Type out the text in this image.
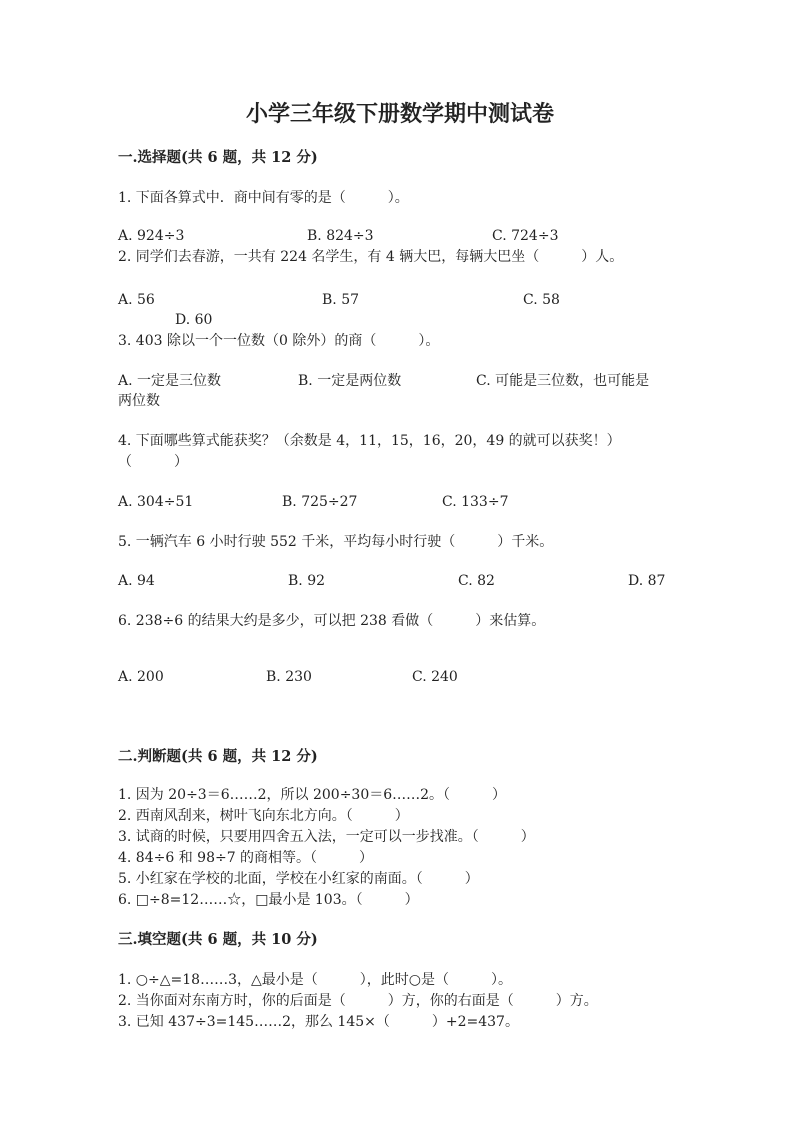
小学三年级下册数学期中测试卷
一.选择题(共 6 题，共 12 分)
1. 下面各算式中．商中间有零的是（　　　）。
A. 924÷3	B. 824÷3	C. 724÷3
2. 同学们去春游，一共有 224 名学生，有 4 辆大巴，每辆大巴坐（　　　）人。
A. 56	B. 57	C. 58
D. 60
3. 403 除以一个一位数（0 除外）的商（　　　）。
A. 一定是三位数	B. 一定是两位数	C. 可能是三位数，也可能是
两位数
4. 下面哪些算式能获奖？（余数是 4，11，15，16，20，49 的就可以获奖！）
（　　　）
A. 304÷51	B. 725÷27	C. 133÷7
5. 一辆汽车 6 小时行驶 552 千米，平均每小时行驶（　　　）千米。
A. 94	B. 92	C. 82	D. 87
6. 238÷6 的结果大约是多少，可以把 238 看做（　　　）来估算。
A. 200	B. 230	C. 240
二.判断题(共 6 题，共 12 分)
1. 因为 20÷3＝6……2，所以 200÷30＝6……2。（　　　）
2. 西南风刮来，树叶飞向东北方向。（　　　）
3. 试商的时候，只要用四舍五入法，一定可以一步找准。（　　　）
4. 84÷6 和 98÷7 的商相等。（　　　）
5. 小红家在学校的北面，学校在小红家的南面。（　　　）
6. □÷8=12……☆，□最小是 103。（　　　）
三.填空题(共 6 题，共 10 分)
1. ○÷△=18……3，△最小是（　　　），此时○是（　　　）。
2. 当你面对东南方时，你的后面是（　　　）方，你的右面是（　　　）方。
3. 已知 437÷3=145……2，那么 145×（　　　）+2=437。
